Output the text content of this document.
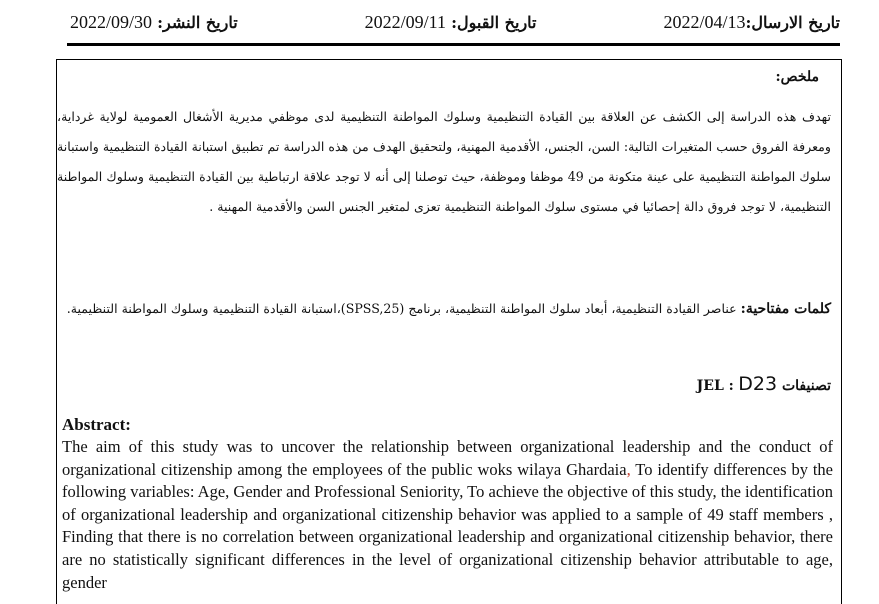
تاريخ الارسال:2022/04/13
تاريخ القبول: 2022/09/11
تاريخ النشر: 2022/09/30
ملخص:
تهدف هذه الدراسة إلى الكشف عن العلاقة بين القيادة التنظيمية وسلوك المواطنة التنظيمية لدى موظفي مديرية الأشغال العمومية لولاية غرداية، ومعرفة الفروق حسب المتغيرات التالية: السن، الجنس، الأقدمية المهنية، ولتحقيق الهدف من هذه الدراسة تم تطبيق استبانة القيادة التنظيمية واستبانة سلوك المواطنة التنظيمية على عينة متكونة من 49 موظفا وموظفة، حيث توصلنا إلى أنه لا توجد علاقة ارتباطية بين القيادة التنظيمية وسلوك المواطنة التنظيمية، لا توجد فروق دالة إحصائيا في مستوى سلوك المواطنة التنظيمية تعزى لمتغير الجنس السن والأقدمية المهنية .
كلمات مفتاحية: عناصر القيادة التنظيمية، أبعاد سلوك المواطنة التنظيمية، برنامج (SPSS,25)،استبانة القيادة التنظيمية وسلوك المواطنة التنظيمية.
تصنيفات JEL : D23
Abstract:
The aim of this study was to uncover the relationship between organizational leadership and the conduct of organizational citizenship among the employees of the public woks wilaya Ghardaia, To identify differences by the following variables: Age, Gender and Professional Seniority, To achieve the objective of this study, the identification of organizational leadership and organizational citizenship behavior was applied to a sample of 49 staff members , Finding that there is no correlation between organizational leadership and organizational citizenship behavior, there are no statistically significant differences in the level of organizational citizenship behavior attributable to age, gender
